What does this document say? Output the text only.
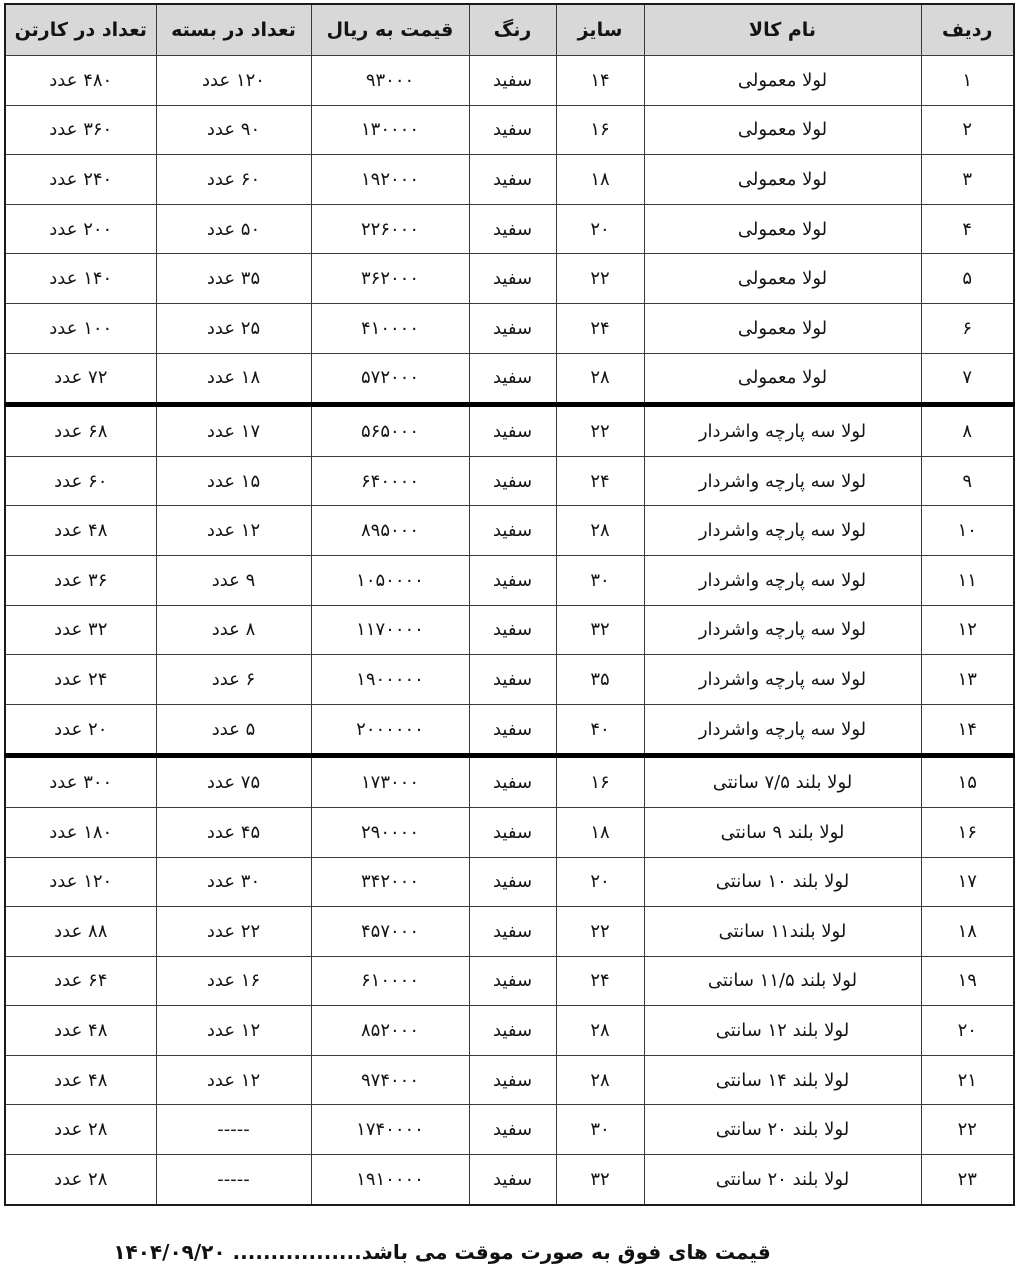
ردیف	نام کالا	سایز	رنگ	قیمت به ریال	تعداد در بسته	تعداد در کارتن
۱	لولا معمولی	۱۴	سفید	۹۳۰۰۰	۱۲۰ عدد	۴۸۰ عدد
۲	لولا معمولی	۱۶	سفید	۱۳۰۰۰۰	۹۰ عدد	۳۶۰ عدد
۳	لولا معمولی	۱۸	سفید	۱۹۲۰۰۰	۶۰ عدد	۲۴۰ عدد
۴	لولا معمولی	۲۰	سفید	۲۲۶۰۰۰	۵۰ عدد	۲۰۰ عدد
۵	لولا معمولی	۲۲	سفید	۳۶۲۰۰۰	۳۵ عدد	۱۴۰ عدد
۶	لولا معمولی	۲۴	سفید	۴۱۰۰۰۰	۲۵ عدد	۱۰۰ عدد
۷	لولا معمولی	۲۸	سفید	۵۷۲۰۰۰	۱۸ عدد	۷۲ عدد
۸	لولا سه پارچه واشردار	۲۲	سفید	۵۶۵۰۰۰	۱۷ عدد	۶۸ عدد
۹	لولا سه پارچه واشردار	۲۴	سفید	۶۴۰۰۰۰	۱۵ عدد	۶۰ عدد
۱۰	لولا سه پارچه واشردار	۲۸	سفید	۸۹۵۰۰۰	۱۲ عدد	۴۸ عدد
۱۱	لولا سه پارچه واشردار	۳۰	سفید	۱۰۵۰۰۰۰	۹ عدد	۳۶ عدد
۱۲	لولا سه پارچه واشردار	۳۲	سفید	۱۱۷۰۰۰۰	۸ عدد	۳۲ عدد
۱۳	لولا سه پارچه واشردار	۳۵	سفید	۱۹۰۰۰۰۰	۶ عدد	۲۴ عدد
۱۴	لولا سه پارچه واشردار	۴۰	سفید	۲۰۰۰۰۰۰	۵ عدد	۲۰ عدد
۱۵	لولا بلند ۷/۵ سانتی	۱۶	سفید	۱۷۳۰۰۰	۷۵ عدد	۳۰۰ عدد
۱۶	لولا بلند ۹ سانتی	۱۸	سفید	۲۹۰۰۰۰	۴۵ عدد	۱۸۰ عدد
۱۷	لولا بلند ۱۰ سانتی	۲۰	سفید	۳۴۲۰۰۰	۳۰ عدد	۱۲۰ عدد
۱۸	لولا بلند۱۱ سانتی	۲۲	سفید	۴۵۷۰۰۰	۲۲ عدد	۸۸ عدد
۱۹	لولا بلند ۱۱/۵ سانتی	۲۴	سفید	۶۱۰۰۰۰	۱۶ عدد	۶۴ عدد
۲۰	لولا بلند ۱۲ سانتی	۲۸	سفید	۸۵۲۰۰۰	۱۲ عدد	۴۸ عدد
۲۱	لولا بلند ۱۴ سانتی	۲۸	سفید	۹۷۴۰۰۰	۱۲ عدد	۴۸ عدد
۲۲	لولا بلند ۲۰ سانتی	۳۰	سفید	۱۷۴۰۰۰۰	-----	۲۸ عدد
۲۳	لولا بلند ۲۰ سانتی	۳۲	سفید	۱۹۱۰۰۰۰	-----	۲۸ عدد
قیمت های فوق به صورت موقت می باشد................. ۱۴۰۴/۰۹/۲۰
